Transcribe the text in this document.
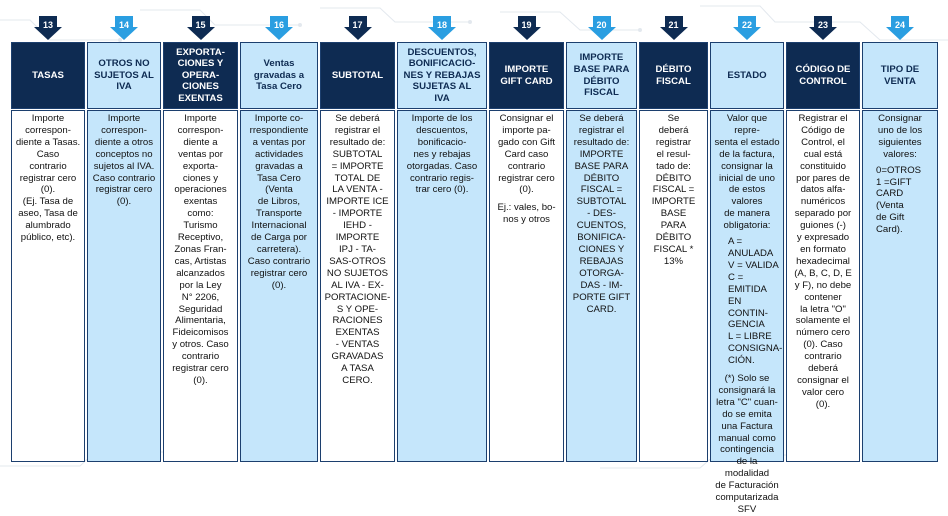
13
TASAS
Importe
correspon-
diente a Tasas. Caso
contrario
registrar cero
(0).
(Ej. Tasa de
aseo, Tasa de
alumbrado
público, etc).
14
OTROS NO
SUJETOS AL
IVA
Importe
correspon-
diente a otros
conceptos no
sujetos al IVA.
Caso contrario
registrar cero
(0).
15
EXPORTA-
CIONES Y
OPERA-
CIONES
EXENTAS
Importe
correspon-
diente a
ventas por
exporta-
ciones y
operaciones
exentas
como:
Turismo
Receptivo,
Zonas Fran-
cas, Artistas
alcanzados
por la Ley
N° 2206,
Seguridad
Alimentaria,
Fideicomisos
y otros. Caso
contrario
registrar cero
(0).
16
Ventas
gravadas a
Tasa Cero
Importe co-
rrespondiente
a ventas por
actividades
gravadas a
Tasa Cero
(Venta
de Libros,
Transporte
Internacional
de Carga por
carretera).
Caso contrario
registrar cero
(0).
17
SUBTOTAL
Se deberá
registrar el
resultado de:
SUBTOTAL
= IMPORTE
TOTAL DE
LA VENTA -
IMPORTE ICE
- IMPORTE
IEHD -
IMPORTE
IPJ - TA-
SAS-OTROS
NO SUJETOS
AL IVA - EX-
PORTACIONE-
S Y OPE-
RACIONES
EXENTAS
- VENTAS
GRAVADAS
A TASA
CERO.
18
DESCUENTOS,
BONIFICACIO-
NES Y REBAJAS
SUJETAS AL
IVA
Importe de los
descuentos,
bonificacio-
nes y rebajas
otorgadas. Caso
contrario regis-
trar cero (0).
19
IMPORTE
GIFT CARD
Consignar el
importe pa-
gado con Gift
Card caso
contrario
registrar cero
(0).
Ej.: vales, bo-
nos y otros
20
IMPORTE
BASE PARA
DÉBITO
FISCAL
Se deberá
registrar el
resultado de:
IMPORTE
BASE PARA
DÉBITO
FISCAL =
SUBTOTAL
- DES-
CUENTOS,
BONIFICA-
CIONES Y
REBAJAS
OTORGA-
DAS - IM-
PORTE GIFT
CARD.
21
DÉBITO
FISCAL
Se
deberá
registrar
el resul-
tado de:
DÉBITO
FISCAL =
IMPORTE
BASE
PARA
DÉBITO
FISCAL *
13%
22
ESTADO
Valor que repre-
senta el estado
de la factura,
consignar la
inicial de uno
de estos valores
de manera
obligatoria:
A = ANULADA
V = VALIDA
C = EMITIDA EN
CONTIN-
GENCIA
L = LIBRE
CONSIGNA-
CIÓN.
(*) Solo se
consignará la
letra "C" cuan-
do se emita
una Factura
manual como
contingencia
de la modalidad
de Facturación
computarizada
SFV
23
CÓDIGO DE
CONTROL
Registrar el
Código de
Control, el
cual está
constituido
por pares de
datos alfa-
numéricos
separado por
guiones (-)
y expresado
en formato
hexadecimal
(A, B, C, D, E
y F), no debe
contener
la letra "O"
solamente el
número cero
(0). Caso
contrario
deberá
consignar el
valor cero
(0).
24
TIPO DE
VENTA
Consignar
uno de los
siguientes
valores:
0=OTROS
1 =GIFT
CARD
(Venta
de Gift
Card).
